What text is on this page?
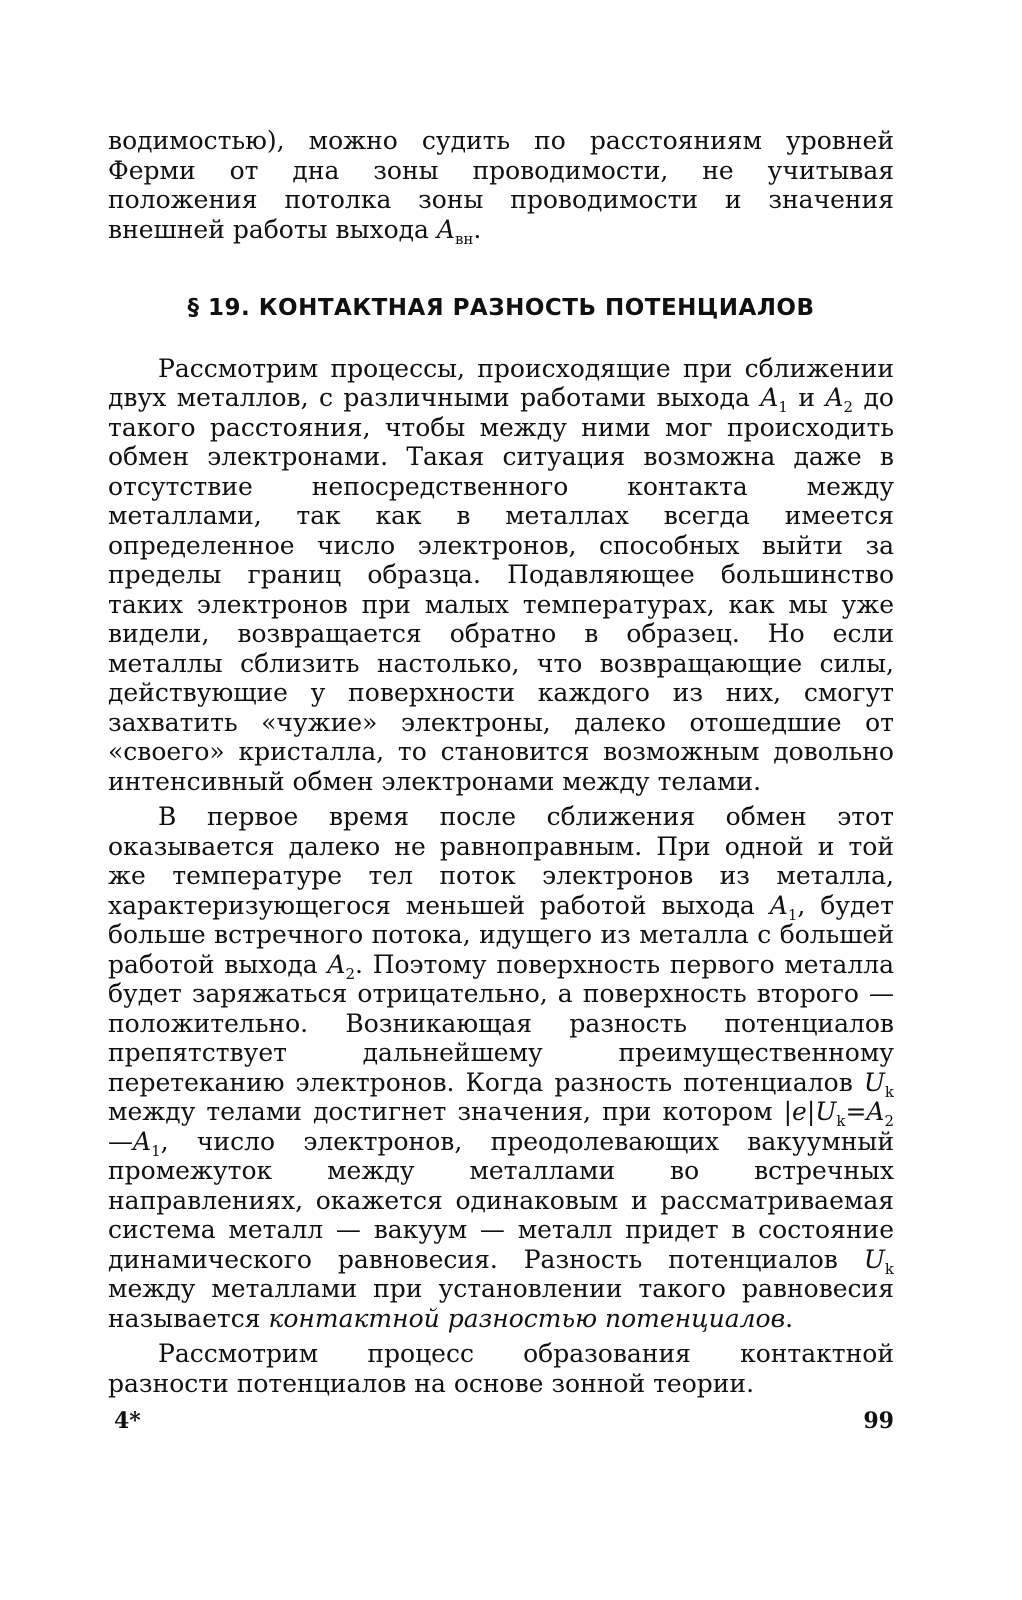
водимостью), можно судить по расстояниям уровней Ферми от дна зоны проводимости, не учитывая положения потолка зоны проводимости и значения внешней работы выхода $A_{вн}$.

§ 19. КОНТАКТНАЯ РАЗНОСТЬ ПОТЕНЦИАЛОВ

Рассмотрим процессы, происходящие при сближении двух металлов, с различными работами выхода $A_1$ и $A_2$ до такого расстояния, чтобы между ними мог происходить обмен электронами. Такая ситуация возможна даже в отсутствие непосредственного контакта между металлами, так как в металлах всегда имеется определенное число электронов, способных выйти за пределы границ образца. Подавляющее большинство таких электронов при малых температурах, как мы уже видели, возвращается обратно в образец. Но если металлы сблизить настолько, что возвращающие силы, действующие у поверхности каждого из них, смогут захватить «чужие» электроны, далеко отошедшие от «своего» кристалла, то становится возможным довольно интенсивный обмен электронами между телами.

В первое время после сближения обмен этот оказывается далеко не равноправным. При одной и той же температуре тел поток электронов из металла, характеризующегося меньшей работой выхода $A_1$, будет больше встречного потока, идущего из металла с большей работой выхода $A_2$. Поэтому поверхность первого металла будет заряжаться отрицательно, а поверхность второго — положительно. Возникающая разность потенциалов препятствует дальнейшему преимущественному перетеканию электронов. Когда разность потенциалов $U_k$ между телами достигнет значения, при котором $|e|U_k=A_2—A_1$, число электронов, преодолевающих вакуумный промежуток между металлами во встречных направлениях, окажется одинаковым и рассматриваемая система металл — вакуум — металл придет в состояние динамического равновесия. Разность потенциалов $U_k$ между металлами при установлении такого равновесия называется контактной разностью потенциалов.

Рассмотрим процесс образования контактной разности потенциалов на основе зонной теории.

4*	99
